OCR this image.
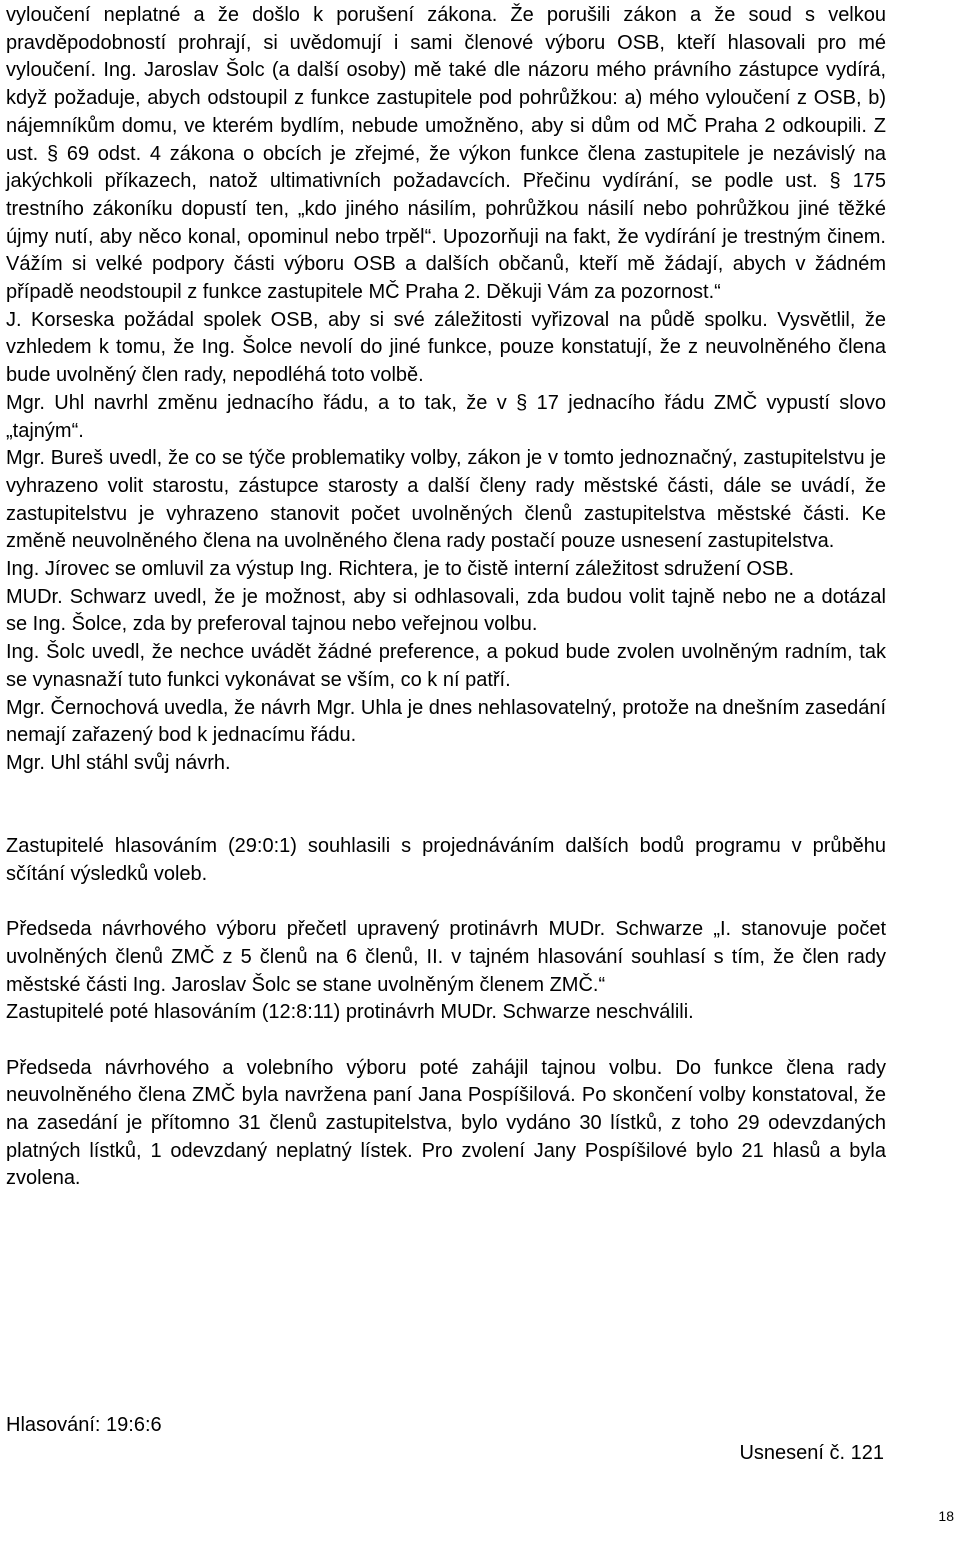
vyloučení neplatné a že došlo k porušení zákona. Že porušili zákon a že soud s velkou pravděpodobností prohrají, si uvědomují i sami členové výboru OSB, kteří hlasovali pro mé vyloučení. Ing. Jaroslav Šolc (a další osoby) mě také dle názoru mého právního zástupce vydírá, když požaduje, abych odstoupil z funkce zastupitele pod pohrůžkou: a) mého vyloučení z OSB, b) nájemníkům domu, ve kterém bydlím, nebude umožněno, aby si dům od MČ Praha 2 odkoupili. Z ust. § 69 odst. 4 zákona o obcích je zřejmé, že výkon funkce člena zastupitele je nezávislý na jakýchkoli příkazech, natož ultimativních požadavcích. Přečinu vydírání, se podle ust. § 175 trestního zákoníku dopustí ten, „kdo jiného násilím, pohrůžkou násilí nebo pohrůžkou jiné těžké újmy nutí, aby něco konal, opominul nebo trpěl“. Upozorňuji na fakt, že vydírání je trestným činem. Vážím si velké podpory části výboru OSB a dalších občanů, kteří mě žádají, abych v žádném případě neodstoupil z funkce zastupitele MČ Praha 2. Děkuji Vám za pozornost.“

J. Korseska požádal spolek OSB, aby si své záležitosti vyřizoval na půdě spolku. Vysvětlil, že vzhledem k tomu, že Ing. Šolce nevolí do jiné funkce, pouze konstatují, že z neuvolněného člena bude uvolněný člen rady, nepodléhá toto volbě.

Mgr. Uhl navrhl změnu jednacího řádu, a to tak, že v § 17 jednacího řádu ZMČ vypustí slovo „tajným“.

Mgr. Bureš uvedl, že co se týče problematiky volby, zákon je v tomto jednoznačný, zastupitelstvu je vyhrazeno volit starostu, zástupce starosty a další členy rady městské části, dále se uvádí, že zastupitelstvu je vyhrazeno stanovit počet uvolněných členů zastupitelstva městské části. Ke změně neuvolněného člena na uvolněného člena rady postačí pouze usnesení zastupitelstva.

Ing. Jírovec se omluvil za výstup Ing. Richtera, je to čistě interní záležitost sdružení OSB.

MUDr. Schwarz uvedl, že je možnost, aby si odhlasovali, zda budou volit tajně nebo ne a dotázal se Ing. Šolce, zda by preferoval tajnou nebo veřejnou volbu.

Ing. Šolc uvedl, že nechce uvádět žádné preference, a pokud bude zvolen uvolněným radním, tak se vynasnaží tuto funkci vykonávat se vším, co k ní patří.

Mgr. Černochová uvedla, že návrh Mgr. Uhla je dnes nehlasovatelný, protože na dnešním zasedání nemají zařazený bod k jednacímu řádu.

Mgr. Uhl stáhl svůj návrh.

Zastupitelé hlasováním (29:0:1) souhlasili s projednáváním dalších bodů programu v průběhu sčítání výsledků voleb.

Předseda návrhového výboru přečetl upravený protinávrh MUDr. Schwarze „I. stanovuje počet uvolněných členů ZMČ z 5 členů na 6 členů, II. v tajném hlasování souhlasí s tím, že člen rady městské části Ing. Jaroslav Šolc se stane uvolněným členem ZMČ.“

Zastupitelé poté hlasováním (12:8:11) protinávrh MUDr. Schwarze neschválili.

Předseda návrhového a volebního výboru poté zahájil tajnou volbu. Do funkce člena rady neuvolněného člena ZMČ byla navržena paní Jana Pospíšilová. Po skončení volby konstatoval, že na zasedání je přítomno 31 členů zastupitelstva, bylo vydáno 30 lístků, z toho 29 odevzdaných platných lístků, 1 odevzdaný neplatný lístek. Pro zvolení Jany Pospíšilové bylo 21 hlasů a byla zvolena.

Hlasování: 19:6:6
Usnesení č. 121
18
